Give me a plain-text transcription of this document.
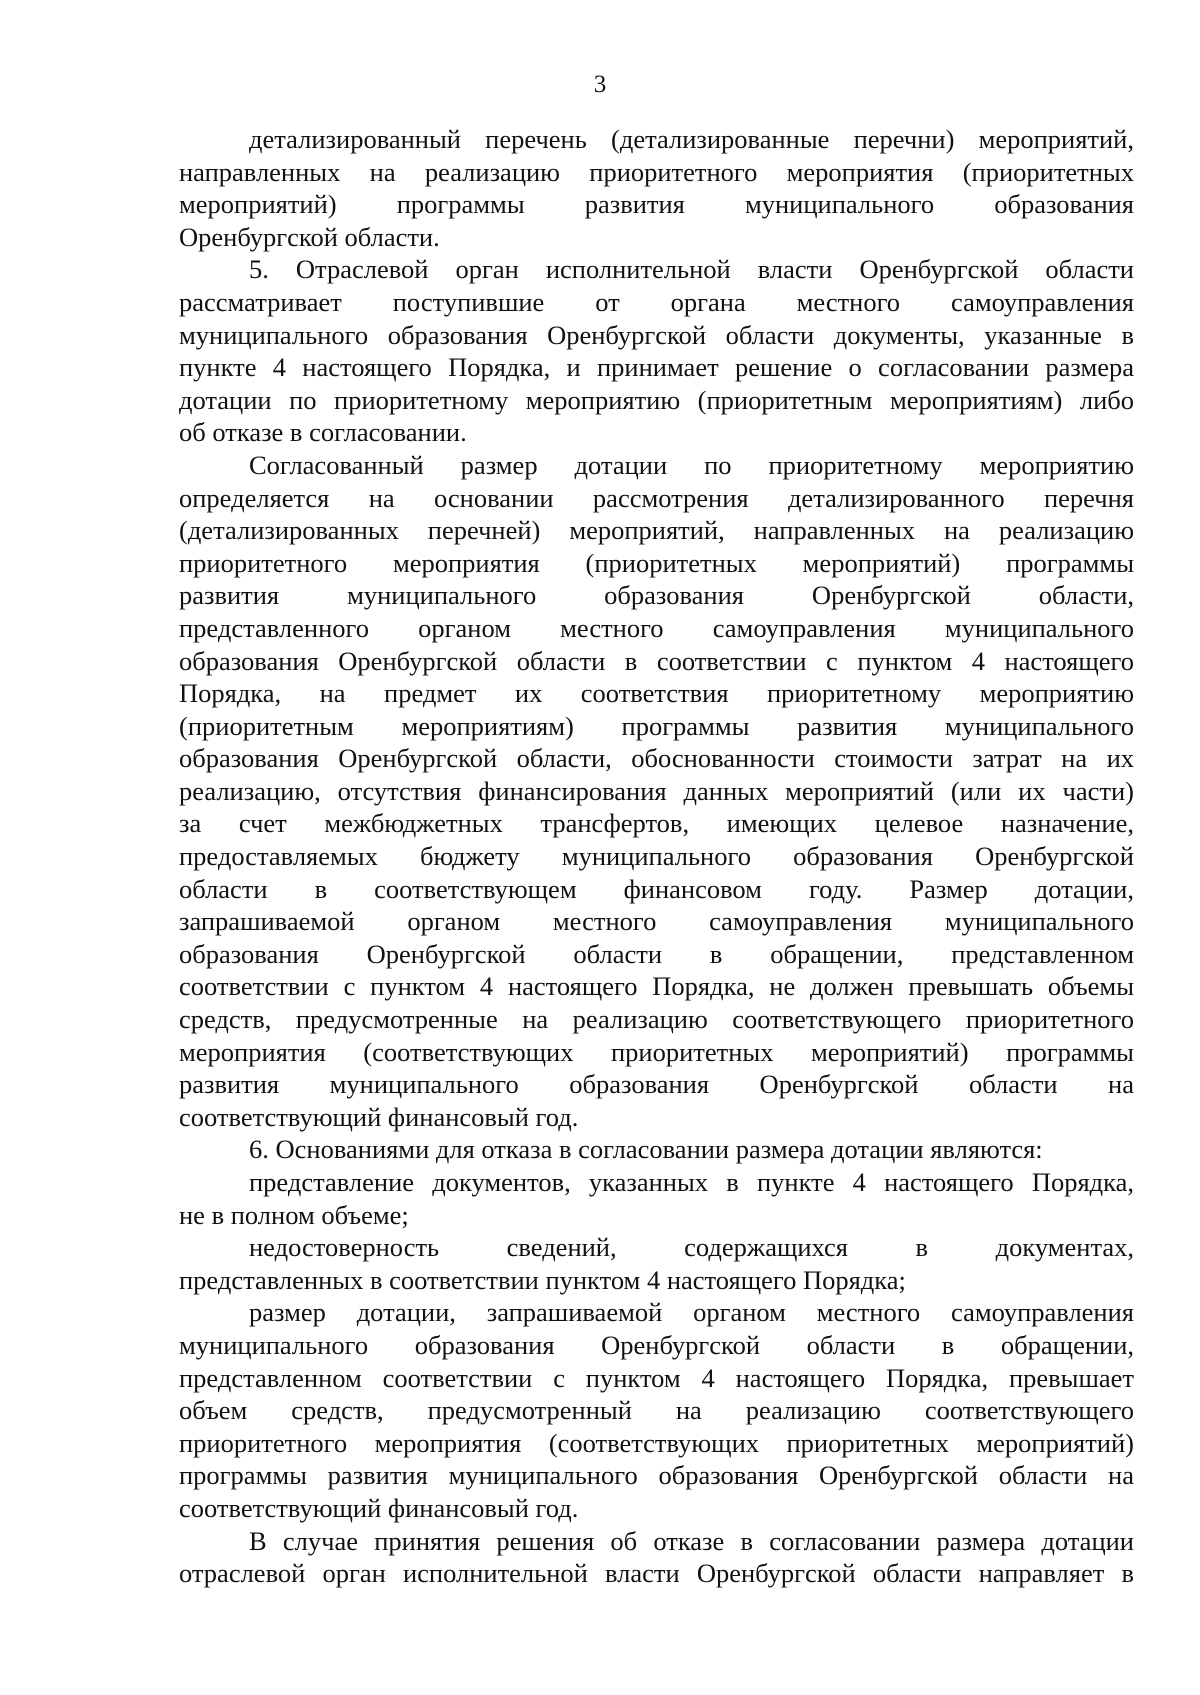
3
детализированный перечень (детализированные перечни) мероприятий,
направленных на реализацию приоритетного мероприятия (приоритетных
мероприятий) программы развития муниципального образования
Оренбургской области.
5. Отраслевой орган исполнительной власти Оренбургской области
рассматривает поступившие от органа местного самоуправления
муниципального образования Оренбургской области документы, указанные в
пункте 4 настоящего Порядка, и принимает решение о согласовании размера
дотации по приоритетному мероприятию (приоритетным мероприятиям) либо
об отказе в согласовании.
Согласованный размер дотации по приоритетному мероприятию
определяется на основании рассмотрения детализированного перечня
(детализированных перечней) мероприятий, направленных на реализацию
приоритетного мероприятия (приоритетных мероприятий) программы
развития муниципального образования Оренбургской области,
представленного органом местного самоуправления муниципального
образования Оренбургской области в соответствии с пунктом 4 настоящего
Порядка, на предмет их соответствия приоритетному мероприятию
(приоритетным мероприятиям) программы развития муниципального
образования Оренбургской области, обоснованности стоимости затрат на их
реализацию, отсутствия финансирования данных мероприятий (или их части)
за счет межбюджетных трансфертов, имеющих целевое назначение,
предоставляемых бюджету муниципального образования Оренбургской
области в соответствующем финансовом году. Размер дотации,
запрашиваемой органом местного самоуправления муниципального
образования Оренбургской области в обращении, представленном
соответствии с пунктом 4 настоящего Порядка, не должен превышать объемы
средств, предусмотренные на реализацию соответствующего приоритетного
мероприятия (соответствующих приоритетных мероприятий) программы
развития муниципального образования Оренбургской области на
соответствующий финансовый год.
6. Основаниями для отказа в согласовании размера дотации являются:
представление документов, указанных в пункте 4 настоящего Порядка,
не в полном объеме;
недостоверность сведений, содержащихся в документах,
представленных в соответствии пунктом 4 настоящего Порядка;
размер дотации, запрашиваемой органом местного самоуправления
муниципального образования Оренбургской области в обращении,
представленном соответствии с пунктом 4 настоящего Порядка, превышает
объем средств, предусмотренный на реализацию соответствующего
приоритетного мероприятия (соответствующих приоритетных мероприятий)
программы развития муниципального образования Оренбургской области на
соответствующий финансовый год.
В случае принятия решения об отказе в согласовании размера дотации
отраслевой орган исполнительной власти Оренбургской области направляет в
